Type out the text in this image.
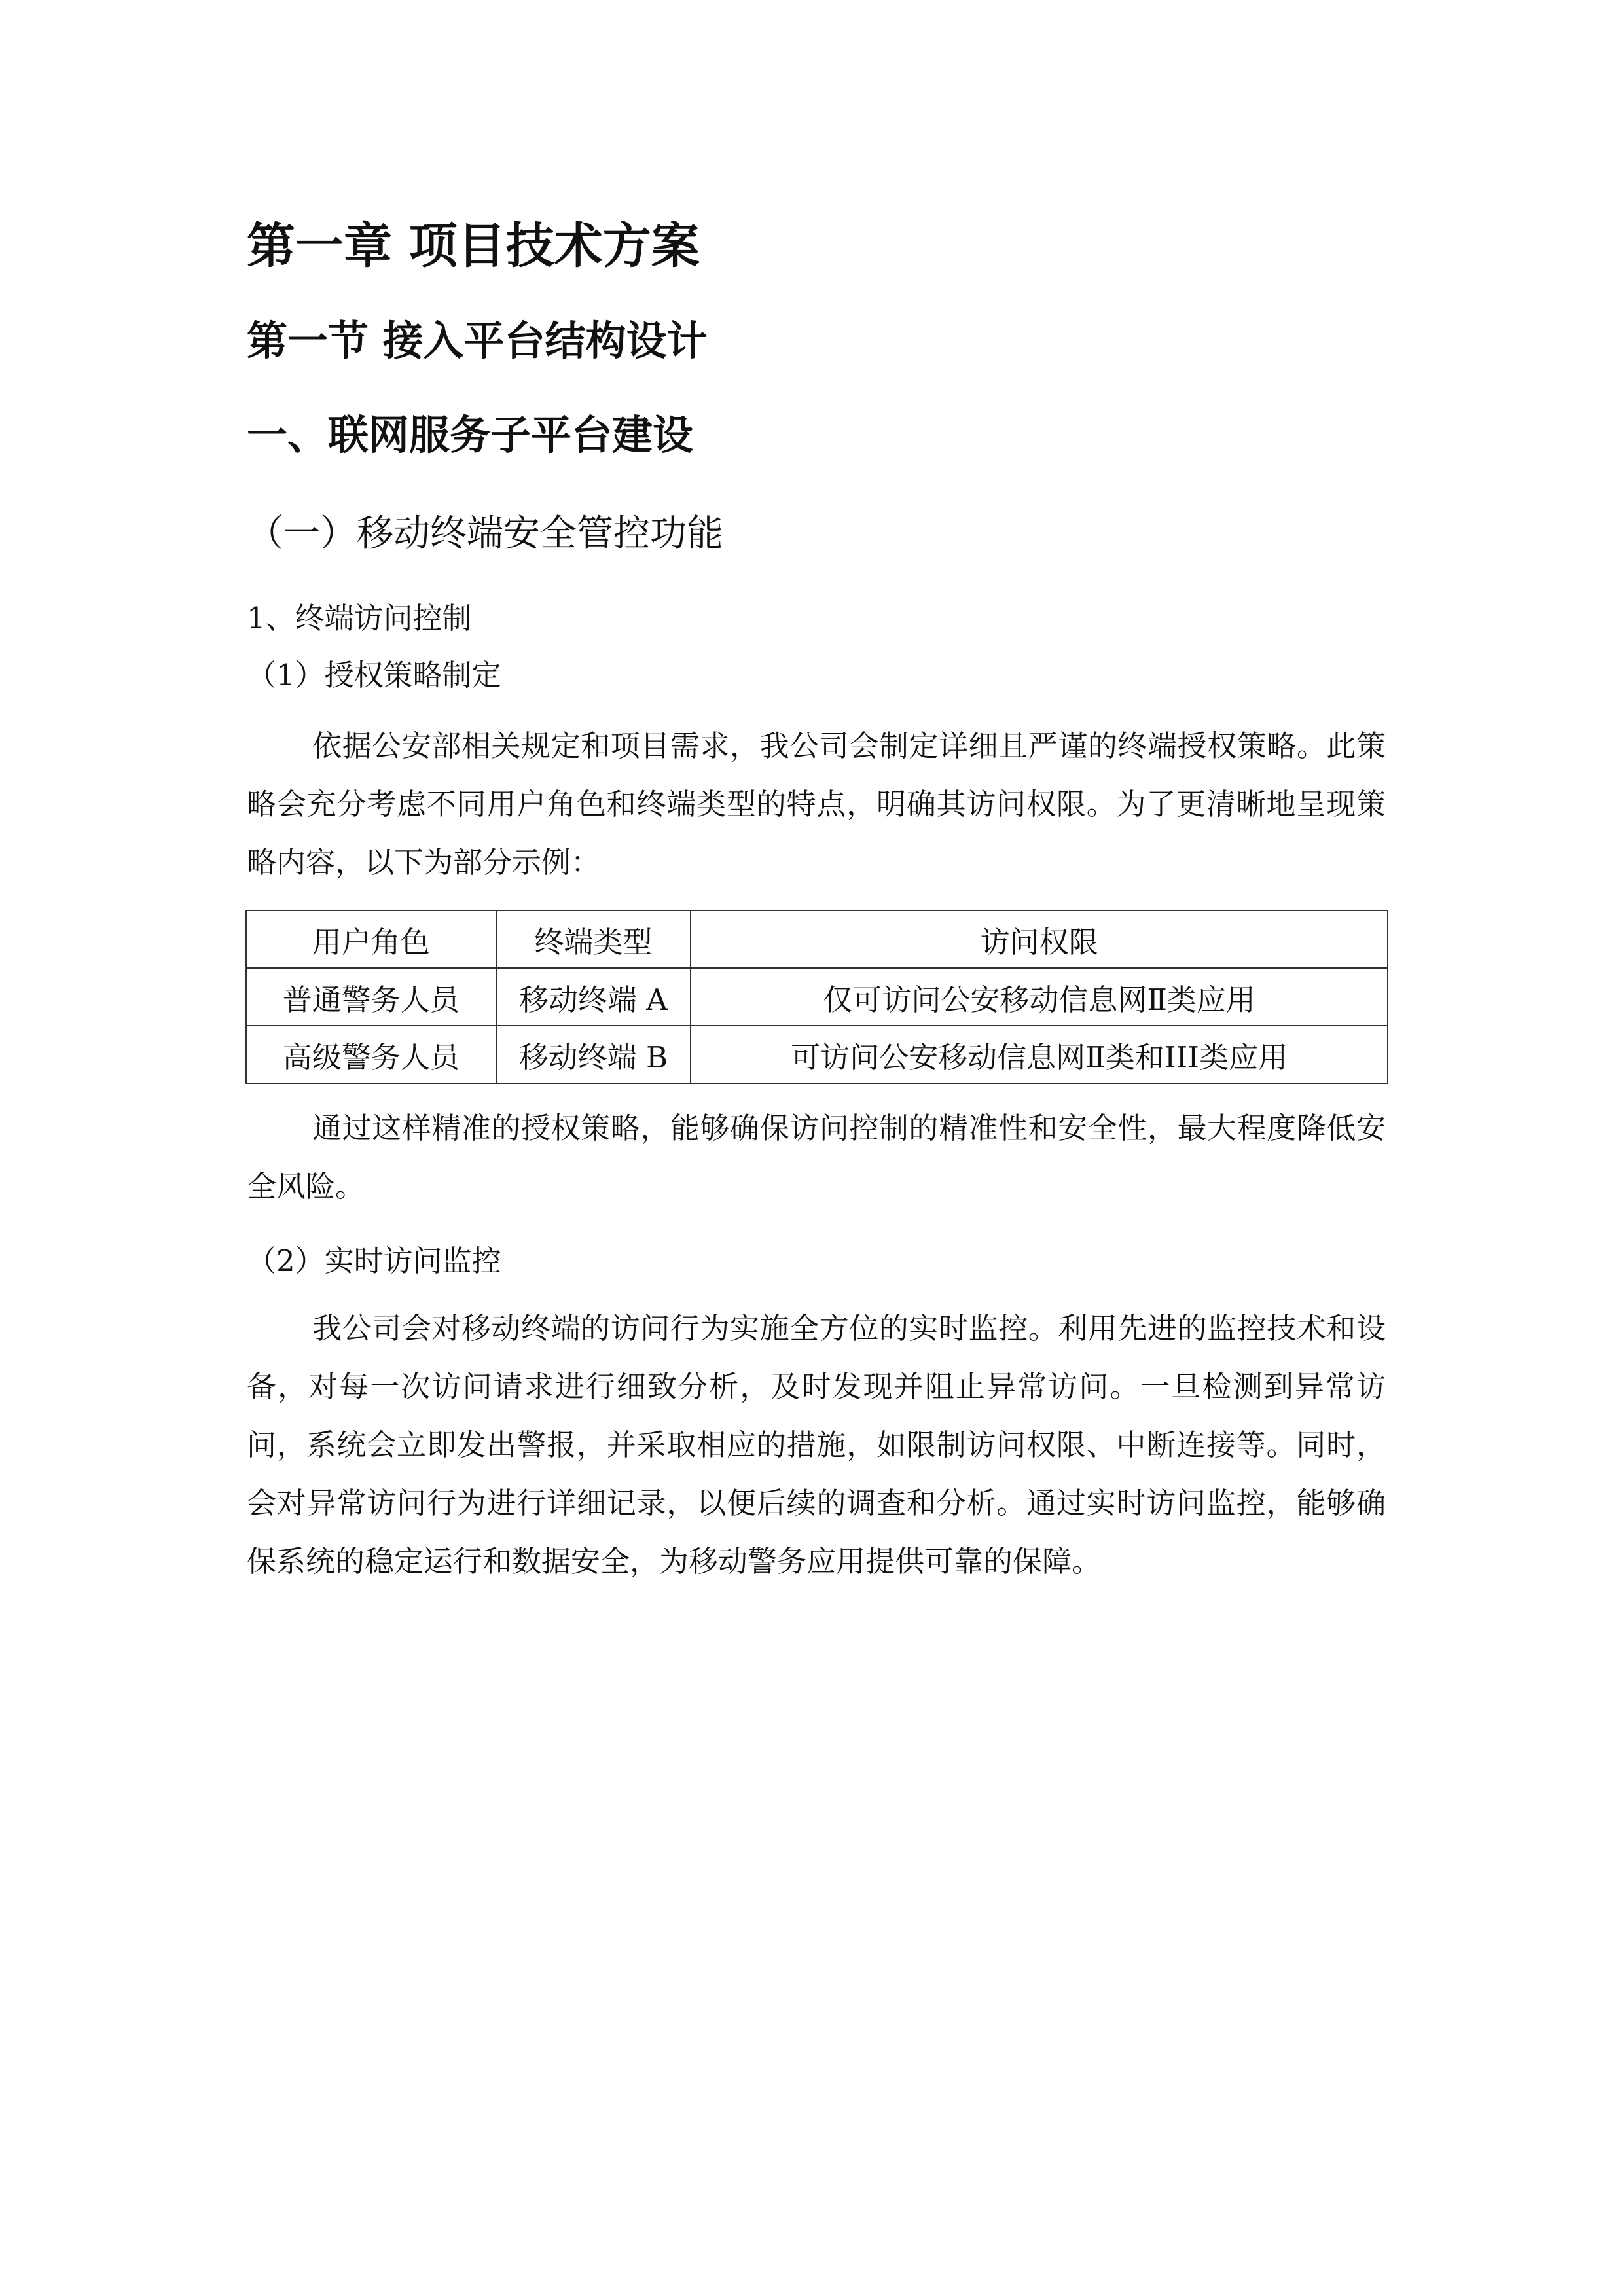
第一章 项目技术方案
第一节 接入平台结构设计
一、联网服务子平台建设
（一）移动终端安全管控功能

1、终端访问控制

（1）授权策略制定

依据公安部相关规定和项目需求，我公司会制定详细且严谨的终端授权策略。此策略会充分考虑不同用户角色和终端类型的特点，明确其访问权限。为了更清晰地呈现策略内容，以下为部分示例：

用户角色	终端类型	访问权限
普通警务人员	移动终端 A	仅可访问公安移动信息网Ⅱ类应用
高级警务人员	移动终端 B	可访问公安移动信息网Ⅱ类和III类应用

通过这样精准的授权策略，能够确保访问控制的精准性和安全性，最大程度降低安全风险。

（2）实时访问监控

我公司会对移动终端的访问行为实施全方位的实时监控。利用先进的监控技术和设备，对每一次访问请求进行细致分析，及时发现并阻止异常访问。一旦检测到异常访问，系统会立即发出警报，并采取相应的措施，如限制访问权限、中断连接等。同时，会对异常访问行为进行详细记录，以便后续的调查和分析。通过实时访问监控，能够确保系统的稳定运行和数据安全，为移动警务应用提供可靠的保障。
